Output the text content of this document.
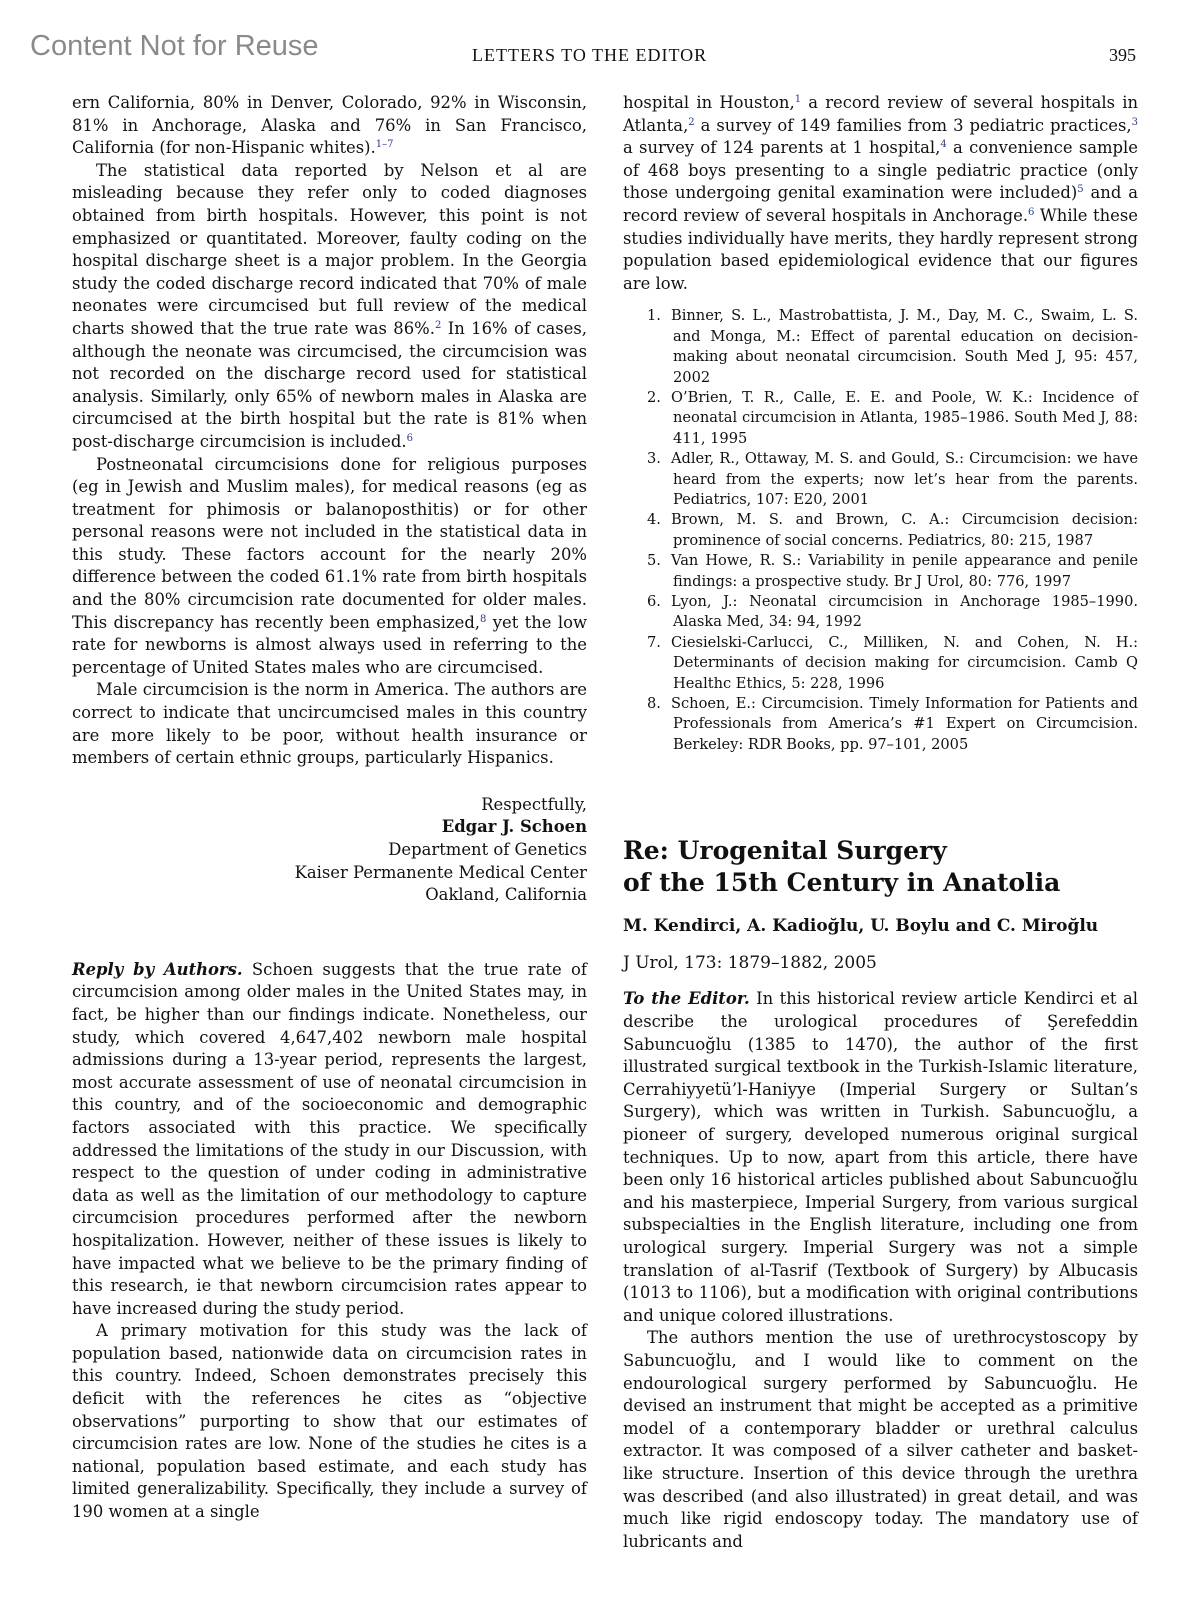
Content Not for Reuse	LETTERS TO THE EDITOR	395

ern California, 80% in Denver, Colorado, 92% in Wisconsin, 81% in Anchorage, Alaska and 76% in San Francisco, California (for non-Hispanic whites).$^{1-7}$

The statistical data reported by Nelson et al are misleading because they refer only to coded diagnoses obtained from birth hospitals. However, this point is not emphasized or quantitated. Moreover, faulty coding on the hospital discharge sheet is a major problem. In the Georgia study the coded discharge record indicated that 70% of male neonates were circumcised but full review of the medical charts showed that the true rate was 86%.$^2$ In 16% of cases, although the neonate was circumcised, the circumcision was not recorded on the discharge record used for statistical analysis. Similarly, only 65% of newborn males in Alaska are circumcised at the birth hospital but the rate is 81% when post-discharge circumcision is included.$^6$

Postneonatal circumcisions done for religious purposes (eg in Jewish and Muslim males), for medical reasons (eg as treatment for phimosis or balanoposthitis) or for other personal reasons were not included in the statistical data in this study. These factors account for the nearly 20% difference between the coded 61.1% rate from birth hospitals and the 80% circumcision rate documented for older males. This discrepancy has recently been emphasized,$^8$ yet the low rate for newborns is almost always used in referring to the percentage of United States males who are circumcised.

Male circumcision is the norm in America. The authors are correct to indicate that uncircumcised males in this country are more likely to be poor, without health insurance or members of certain ethnic groups, particularly Hispanics.

Respectfully,
Edgar J. Schoen
Department of Genetics
Kaiser Permanente Medical Center
Oakland, California

Reply by Authors. Schoen suggests that the true rate of circumcision among older males in the United States may, in fact, be higher than our findings indicate. Nonetheless, our study, which covered 4,647,402 newborn male hospital admissions during a 13-year period, represents the largest, most accurate assessment of use of neonatal circumcision in this country, and of the socioeconomic and demographic factors associated with this practice. We specifically addressed the limitations of the study in our Discussion, with respect to the question of under coding in administrative data as well as the limitation of our methodology to capture circumcision procedures performed after the newborn hospitalization. However, neither of these issues is likely to have impacted what we believe to be the primary finding of this research, ie that newborn circumcision rates appear to have increased during the study period.

A primary motivation for this study was the lack of population based, nationwide data on circumcision rates in this country. Indeed, Schoen demonstrates precisely this deficit with the references he cites as “objective observations” purporting to show that our estimates of circumcision rates are low. None of the studies he cites is a national, population based estimate, and each study has limited generalizability. Specifically, they include a survey of 190 women at a single

hospital in Houston,$^1$ a record review of several hospitals in Atlanta,$^2$ a survey of 149 families from 3 pediatric practices,$^3$ a survey of 124 parents at 1 hospital,$^4$ a convenience sample of 468 boys presenting to a single pediatric practice (only those undergoing genital examination were included)$^5$ and a record review of several hospitals in Anchorage.$^6$ While these studies individually have merits, they hardly represent strong population based epidemiological evidence that our figures are low.

1. Binner, S. L., Mastrobattista, J. M., Day, M. C., Swaim, L. S. and Monga, M.: Effect of parental education on decision-making about neonatal circumcision. South Med J, 95: 457, 2002
2. O’Brien, T. R., Calle, E. E. and Poole, W. K.: Incidence of neonatal circumcision in Atlanta, 1985–1986. South Med J, 88: 411, 1995
3. Adler, R., Ottaway, M. S. and Gould, S.: Circumcision: we have heard from the experts; now let’s hear from the parents. Pediatrics, 107: E20, 2001
4. Brown, M. S. and Brown, C. A.: Circumcision decision: prominence of social concerns. Pediatrics, 80: 215, 1987
5. Van Howe, R. S.: Variability in penile appearance and penile findings: a prospective study. Br J Urol, 80: 776, 1997
6. Lyon, J.: Neonatal circumcision in Anchorage 1985–1990. Alaska Med, 34: 94, 1992
7. Ciesielski-Carlucci, C., Milliken, N. and Cohen, N. H.: Determinants of decision making for circumcision. Camb Q Healthc Ethics, 5: 228, 1996
8. Schoen, E.: Circumcision. Timely Information for Patients and Professionals from America’s #1 Expert on Circumcision. Berkeley: RDR Books, pp. 97–101, 2005
Re: Urogenital Surgery
of the 15th Century in Anatolia
M. Kendirci, A. Kadioğlu, U. Boylu and C. Miroğlu
J Urol, 173: 1879–1882, 2005

To the Editor. In this historical review article Kendirci et al describe the urological procedures of Şerefeddin Sabuncuoğlu (1385 to 1470), the author of the first illustrated surgical textbook in the Turkish-Islamic literature, Cerrahiyyetü’l-Haniyye (Imperial Surgery or Sultan’s Surgery), which was written in Turkish. Sabuncuoğlu, a pioneer of surgery, developed numerous original surgical techniques. Up to now, apart from this article, there have been only 16 historical articles published about Sabuncuoğlu and his masterpiece, Imperial Surgery, from various surgical subspecialties in the English literature, including one from urological surgery. Imperial Surgery was not a simple translation of al-Tasrif (Textbook of Surgery) by Albucasis (1013 to 1106), but a modification with original contributions and unique colored illustrations.

The authors mention the use of urethrocystoscopy by Sabuncuoğlu, and I would like to comment on the endourological surgery performed by Sabuncuoğlu. He devised an instrument that might be accepted as a primitive model of a contemporary bladder or urethral calculus extractor. It was composed of a silver catheter and basket-like structure. Insertion of this device through the urethra was described (and also illustrated) in great detail, and was much like rigid endoscopy today. The mandatory use of lubricants and
